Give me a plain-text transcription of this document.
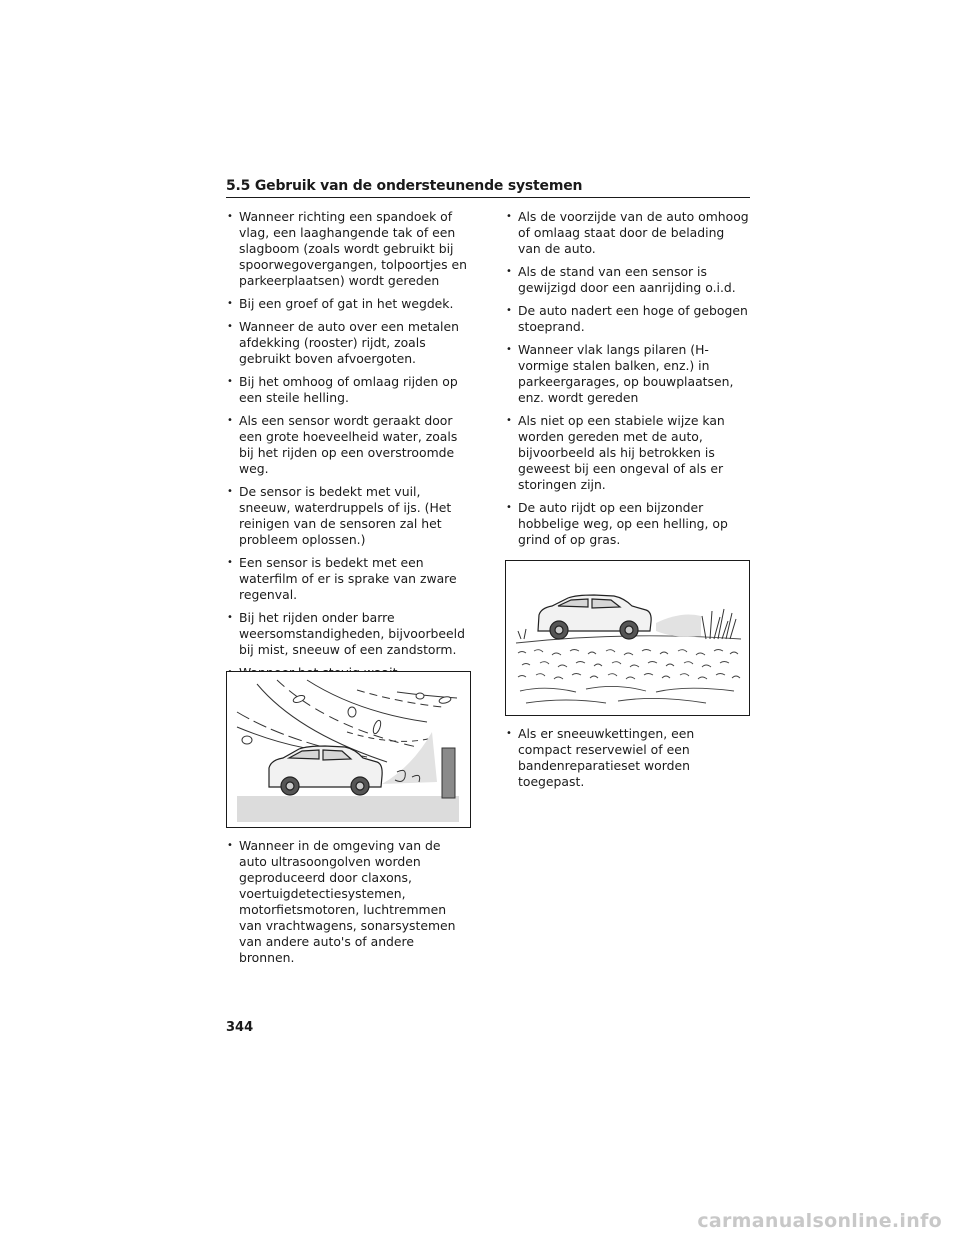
5.5 Gebruik van de ondersteunende systemen
• Wanneer richting een spandoek of vlag, een laaghangende tak of een slagboom (zoals wordt gebruikt bij spoorwegovergangen, tolpoortjes en parkeerplaatsen) wordt gereden
• Bij een groef of gat in het wegdek.
• Wanneer de auto over een metalen afdekking (rooster) rijdt, zoals gebruikt boven afvoergoten.
• Bij het omhoog of omlaag rijden op een steile helling.
• Als een sensor wordt geraakt door een grote hoeveelheid water, zoals bij het rijden op een overstroomde weg.
• De sensor is bedekt met vuil, sneeuw, waterdruppels of ijs. (Het reinigen van de sensoren zal het probleem oplossen.)
• Een sensor is bedekt met een waterfilm of er is sprake van zware regenval.
• Bij het rijden onder barre weersomstandigheden, bijvoorbeeld bij mist, sneeuw of een zandstorm.
•
• Wanneer in de omgeving van de auto ultrasoongolven worden geproduceerd door claxons, voertuigdetectiesystemen, motorfietsmotoren, luchtremmen van vrachtwagens, sonarsystemen van andere auto's of andere bronnen.
• Als de voorzijde van de auto omhoog of omlaag staat door de belading van de auto.
• Als de stand van een sensor is gewijzigd door een aanrijding o.i.d.
• De auto nadert een hoge of gebogen stoeprand.
• Wanneer vlak langs pilaren (H-vormige stalen balken, enz.) in parkeergarages, op bouwplaatsen, enz. wordt gereden
• Als niet op een stabiele wijze kan worden gereden met de auto, bijvoorbeeld als hij betrokken is geweest bij een ongeval of als er storingen zijn.
• De auto rijdt op een bijzonder hobbelige weg, op een helling, op grind of op gras.
• Als er sneeuwkettingen, een compact reservewiel of een bandenreparatieset worden toegepast.
344
carmanualsonline.info
